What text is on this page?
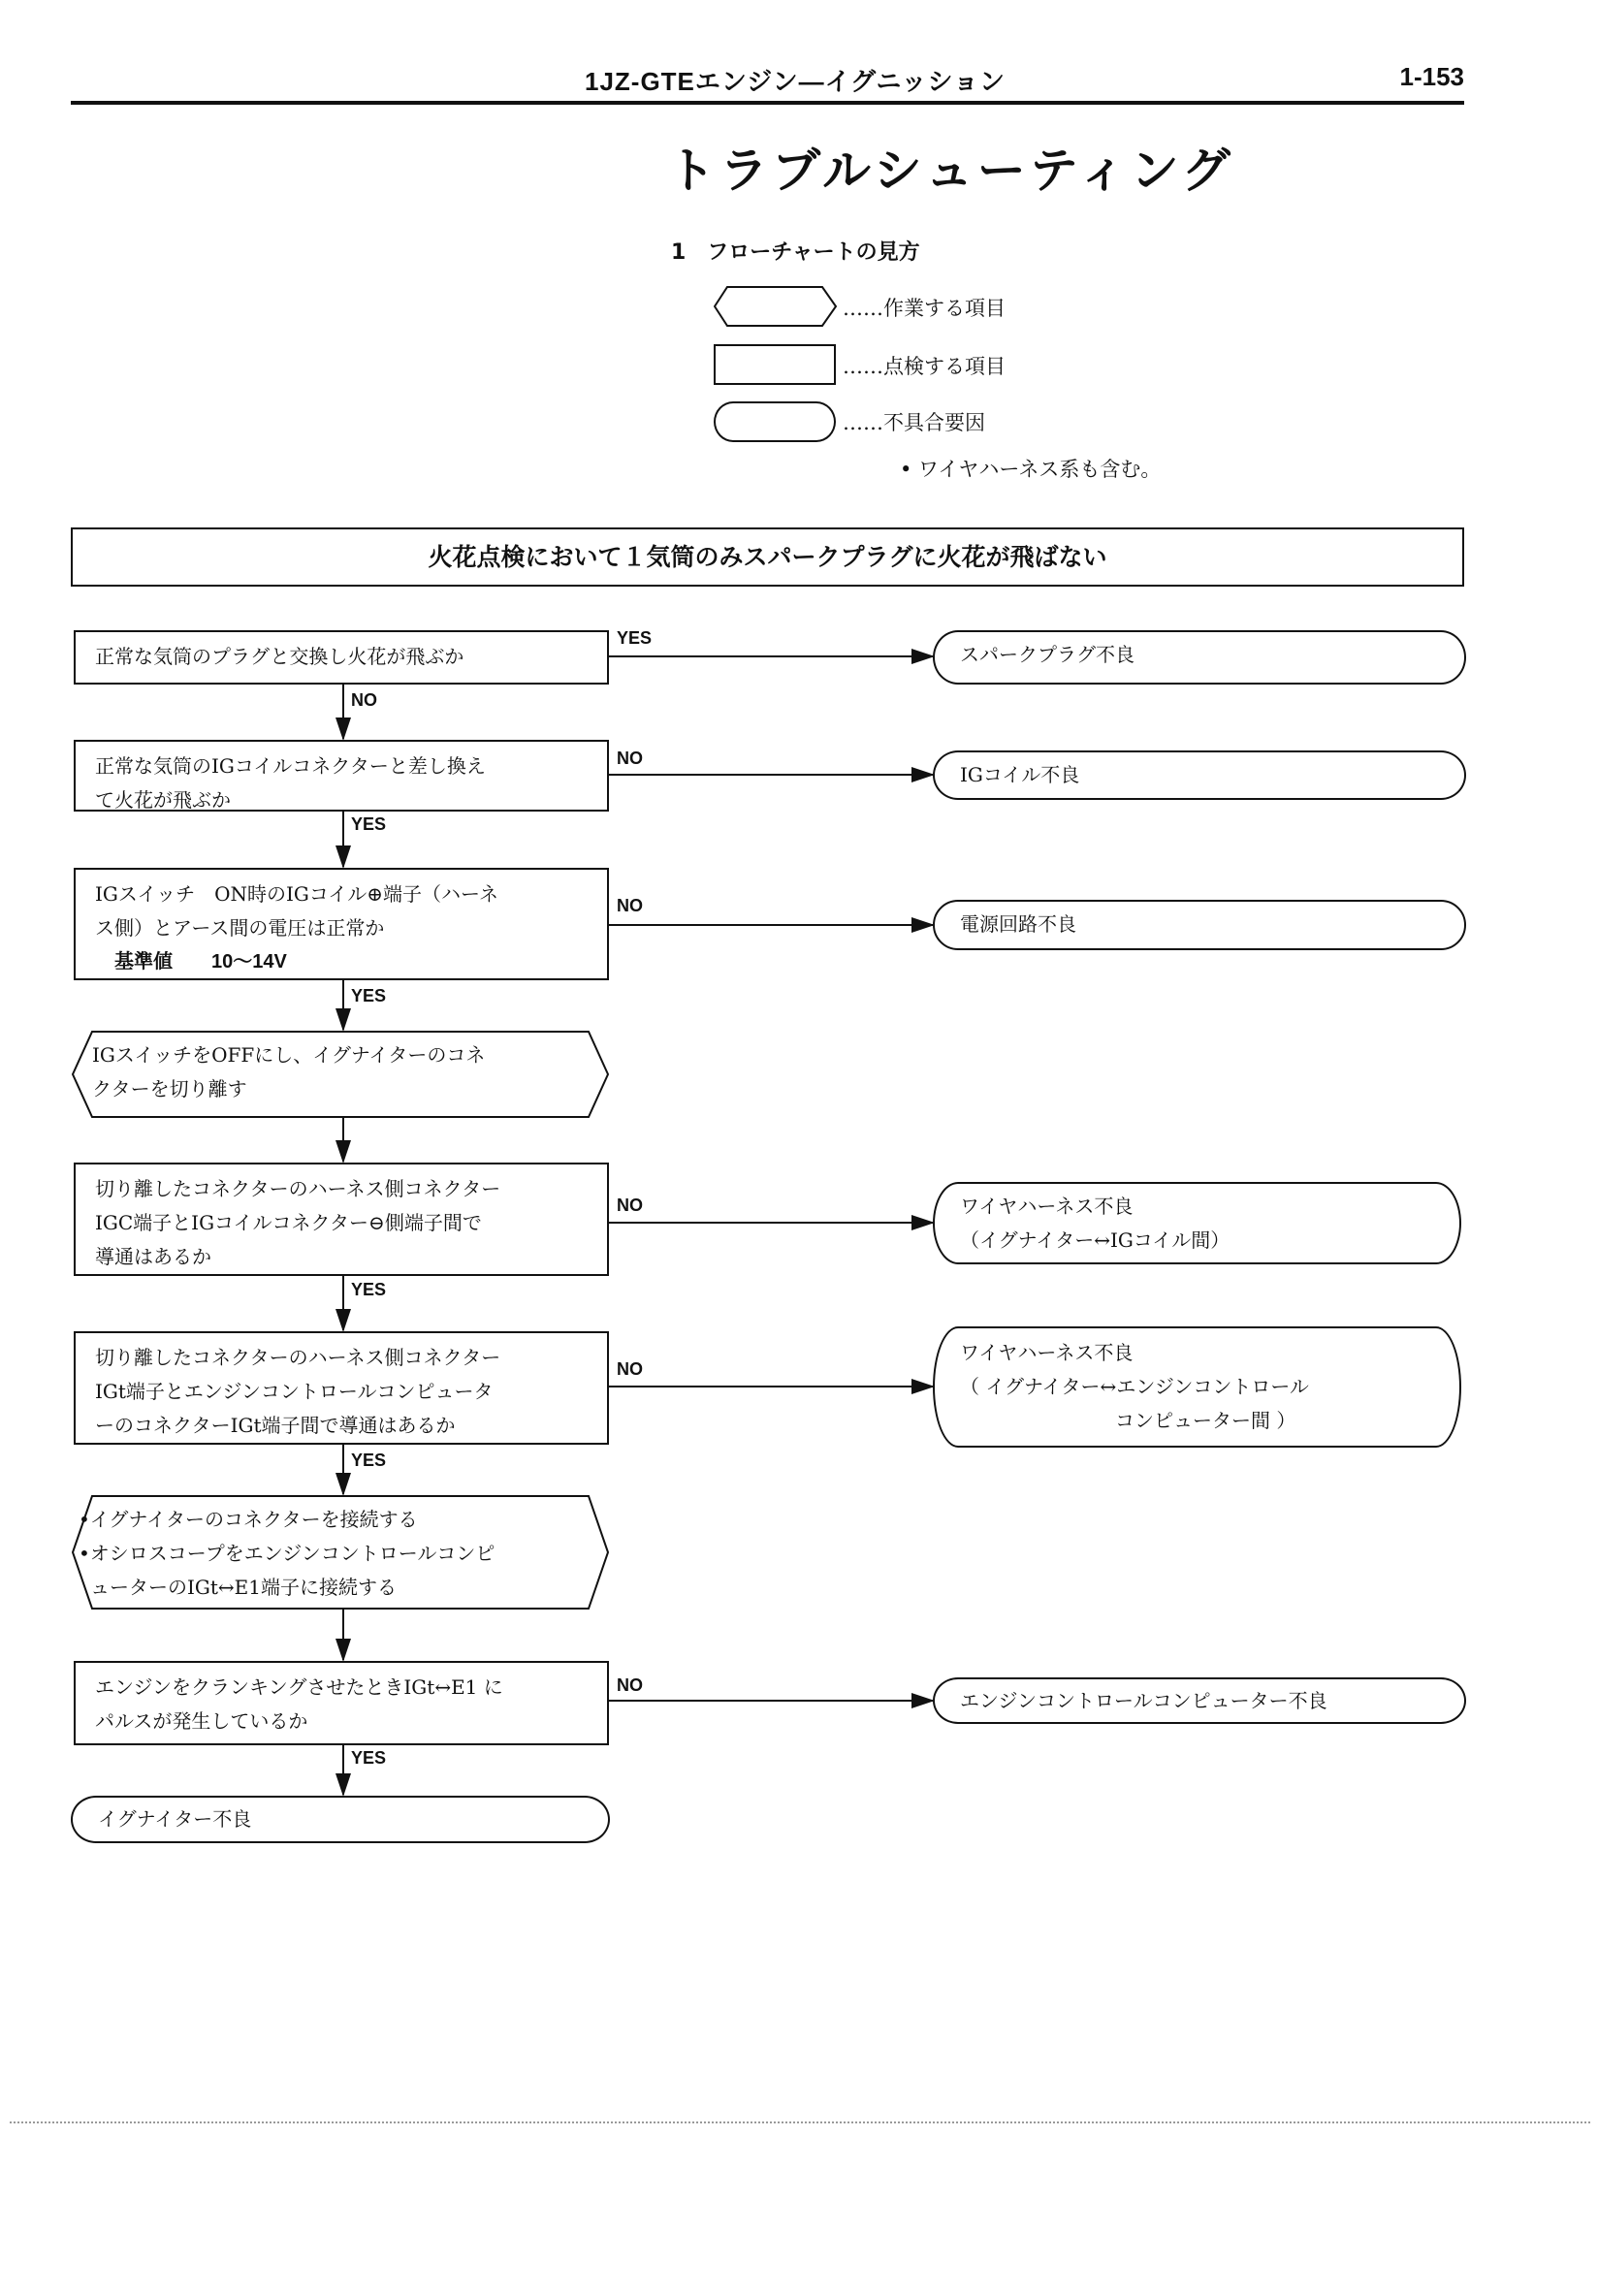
1JZ-GTEエンジン―イグニッション	1-153
トラブルシューティング
1　フローチャートの見方
……作業する項目
……点検する項目
……不具合要因
• ワイヤハーネス系も含む。
火花点検において１気筒のみスパークプラグに火花が飛ばない
YES
NO
NO
YES
NO
YES
NO
YES
NO
YES
NO
YES
正常な気筒のプラグと交換し火花が飛ぶか
正常な気筒のIGコイルコネクターと差し換え
て火花が飛ぶか
IGスイッチ　ON時のIGコイル⊕端子（ハーネ
ス側）とアース間の電圧は正常か
　基準値　　10〜14V
切り離したコネクターのハーネス側コネクター
IGC端子とIGコイルコネクター⊖側端子間で
導通はあるか
切り離したコネクターのハーネス側コネクター
IGt端子とエンジンコントロールコンピュータ
ーのコネクターIGt端子間で導通はあるか
エンジンをクランキングさせたときIGt↔E1 に
パルスが発生しているか
IGスイッチをOFFにし、イグナイターのコネ
クターを切り離す
•イグナイターのコネクターを接続する
•オシロスコープをエンジンコントロールコンピ
ューターのIGt↔E1端子に接続する
スパークプラグ不良
IGコイル不良
電源回路不良
ワイヤハーネス不良
（イグナイター↔IGコイル間）
ワイヤハーネス不良
（ イグナイター↔エンジンコントロール
　　　　　　　　コンピューター間 ）
エンジンコントロールコンピューター不良
イグナイター不良
